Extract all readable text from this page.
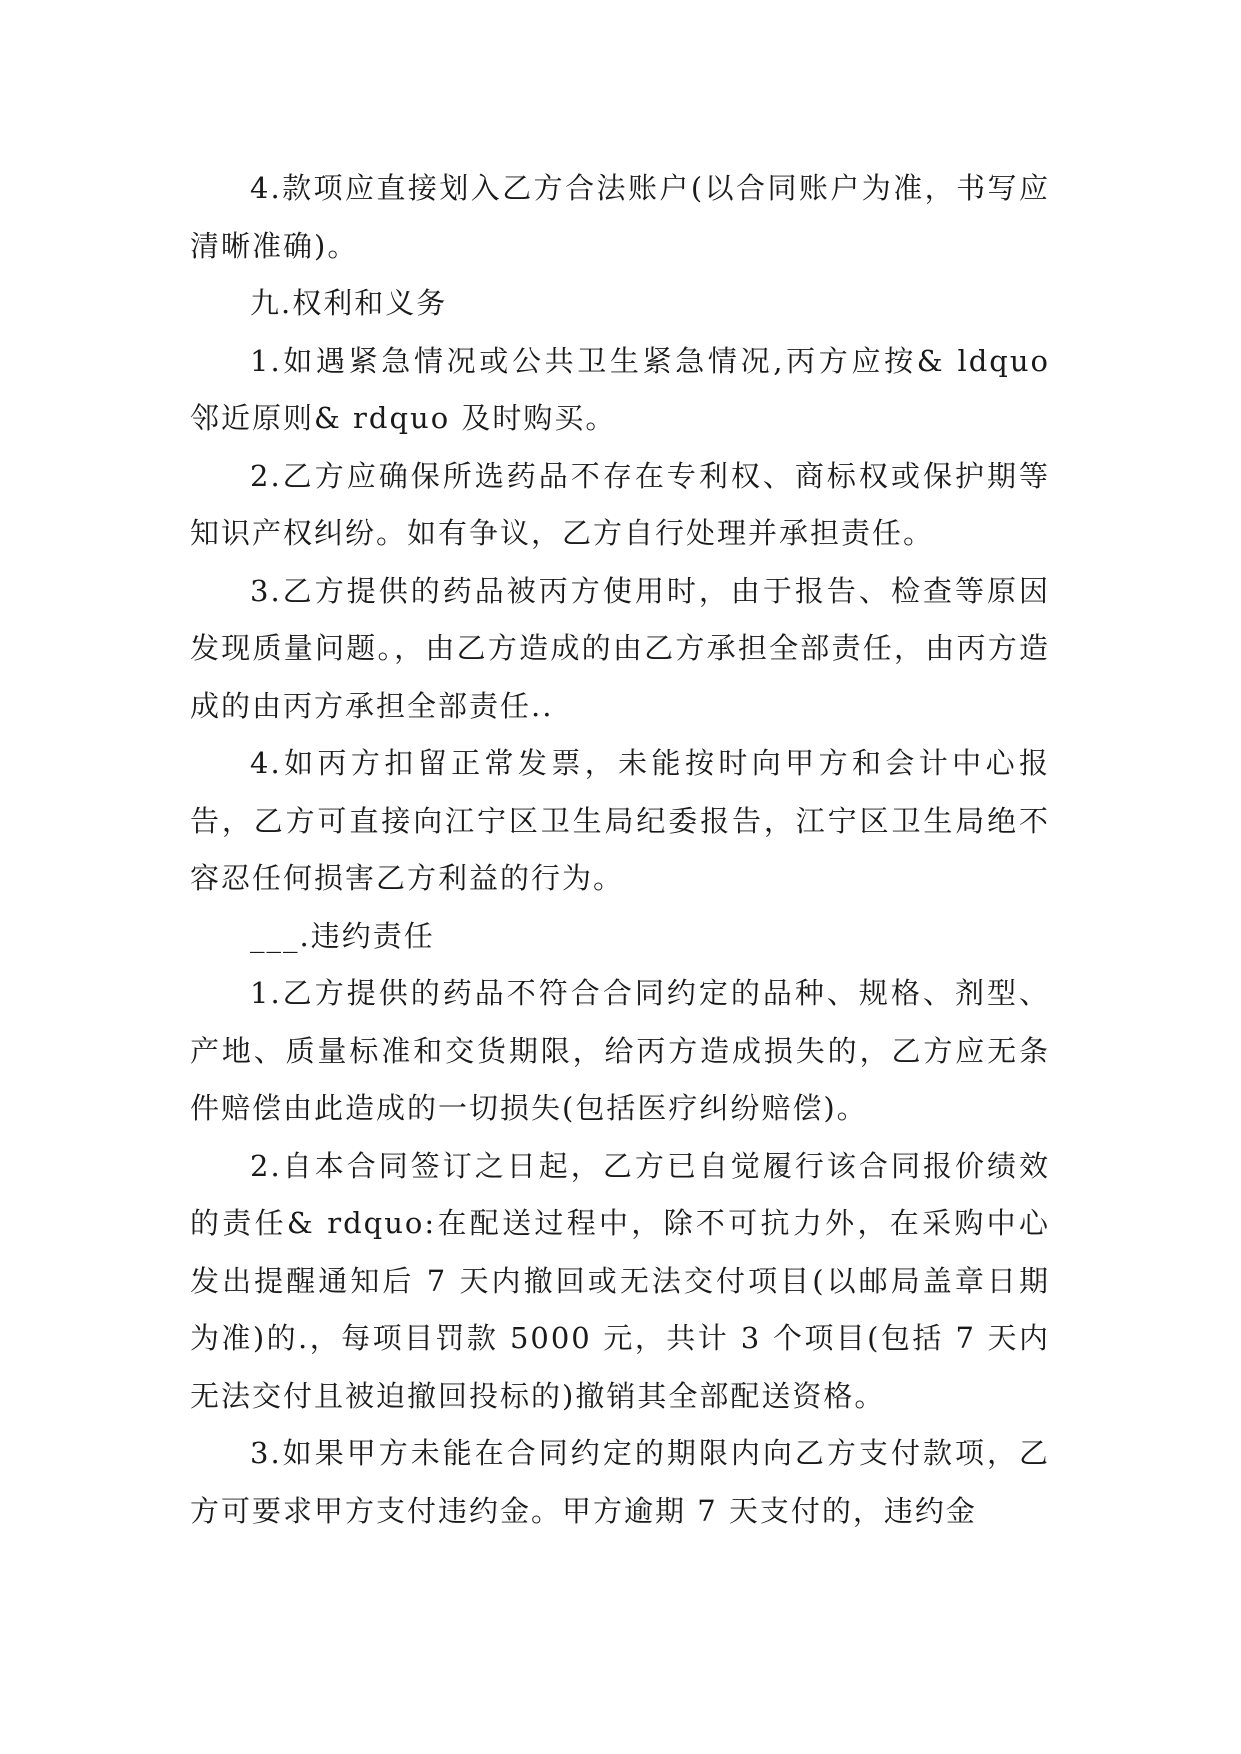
4.款项应直接划入乙方合法账户(以合同账户为准，书写应清晰准确)。

九.权利和义务

1.如遇紧急情况或公共卫生紧急情况,丙方应按& ldquo 邻近原则& rdquo 及时购买。

2.乙方应确保所选药品不存在专利权、商标权或保护期等知识产权纠纷。如有争议，乙方自行处理并承担责任。

3.乙方提供的药品被丙方使用时，由于报告、检查等原因发现质量问题。，由乙方造成的由乙方承担全部责任，由丙方造成的由丙方承担全部责任..

4.如丙方扣留正常发票，未能按时向甲方和会计中心报告，乙方可直接向江宁区卫生局纪委报告，江宁区卫生局绝不容忍任何损害乙方利益的行为。

___.违约责任

1.乙方提供的药品不符合合同约定的品种、规格、剂型、产地、质量标准和交货期限，给丙方造成损失的，乙方应无条件赔偿由此造成的一切损失(包括医疗纠纷赔偿)。

2.自本合同签订之日起，乙方已自觉履行该合同报价绩效的责任& rdquo:在配送过程中，除不可抗力外，在采购中心发出提醒通知后 7 天内撤回或无法交付项目(以邮局盖章日期为准)的.，每项目罚款 5000 元，共计 3 个项目(包括 7 天内无法交付且被迫撤回投标的)撤销其全部配送资格。

3.如果甲方未能在合同约定的期限内向乙方支付款项，乙方可要求甲方支付违约金。甲方逾期 7 天支付的，违约金
